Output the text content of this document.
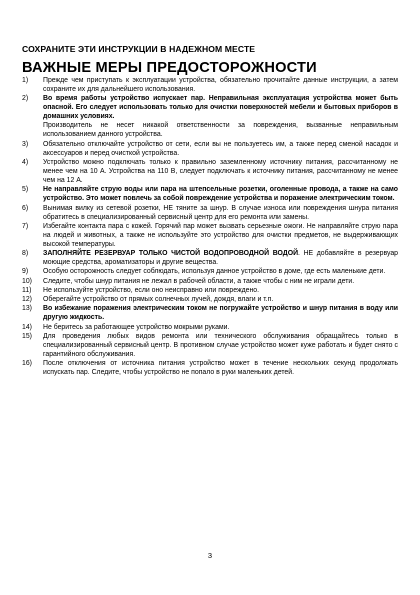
СОХРАНИТЕ ЭТИ ИНСТРУКЦИИ В НАДЕЖНОМ МЕСТЕ
ВАЖНЫЕ МЕРЫ ПРЕДОСТОРОЖНОСТИ
1)	Прежде чем приступать к эксплуатации устройства, обязательно прочитайте данные инструкции, а затем сохраните их для дальнейшего использования.
2)	Во время работы устройство испускает пар. Неправильная эксплуатация устройства может быть опасной. Его следует использовать только для очистки поверхностей мебели и бытовых приборов в домашних условиях.
Производитель не несет никакой ответственности за повреждения, вызванные неправильным использованием данного устройства.
3)	Обязательно отключайте устройство от сети, если вы не пользуетесь им, а также перед сменой насадок и аксессуаров и перед очисткой устройства.
4)	Устройство можно подключать только к правильно заземленному источнику питания, рассчитанному не менее чем на 10 А. Устройства на 110 В, следует подключать к источнику питания, рассчитанному не менее чем на 12 А.
5)	Не направляйте струю воды или пара на штепсельные розетки, оголенные провода, а также на само устройство. Это может повлечь за собой повреждение устройства и поражение электрическим током.
6)	Вынимая вилку из сетевой розетки, НЕ тяните за шнур. В случае износа или повреждения шнура питания обратитесь в специализированный сервисный центр для его ремонта или замены.
7)	Избегайте контакта пара с кожей. Горячий пар может вызвать серьезные ожоги. Не направляйте струю пара на людей и животных, а также не используйте это устройство для очистки предметов, не выдерживающих высокой температуры.
8)	ЗАПОЛНЯЙТЕ РЕЗЕРВУАР ТОЛЬКО ЧИСТОЙ ВОДОПРОВОДНОЙ ВОДОЙ. НЕ добавляйте в резервуар моющие средства, ароматизаторы и другие вещества.
9)	Особую осторожность следует соблюдать, используя данное устройство в доме, где есть маленькие дети.
10)	Следите, чтобы шнур питания не лежал в рабочей области, а также чтобы с ним не играли дети.
11)	Не используйте устройство, если оно неисправно или повреждено.
12)	Оберегайте устройство от прямых солнечных лучей, дождя, влаги и т.п.
13)	Во избежание поражения электрическим током не погружайте устройство и шнур питания в воду или другую жидкость.
14)	Не беритесь за работающее устройство мокрыми руками.
15)	Для проведения любых видов ремонта или технического обслуживания обращайтесь только в специализированный сервисный центр. В противном случае устройство может куже работать и будет снято с гарантийного обслуживания.
16)	После отключения от источника питания устройство может в течение нескольких секунд продолжать испускать пар. Следите, чтобы устройство не попало в руки маленьких детей.
3
